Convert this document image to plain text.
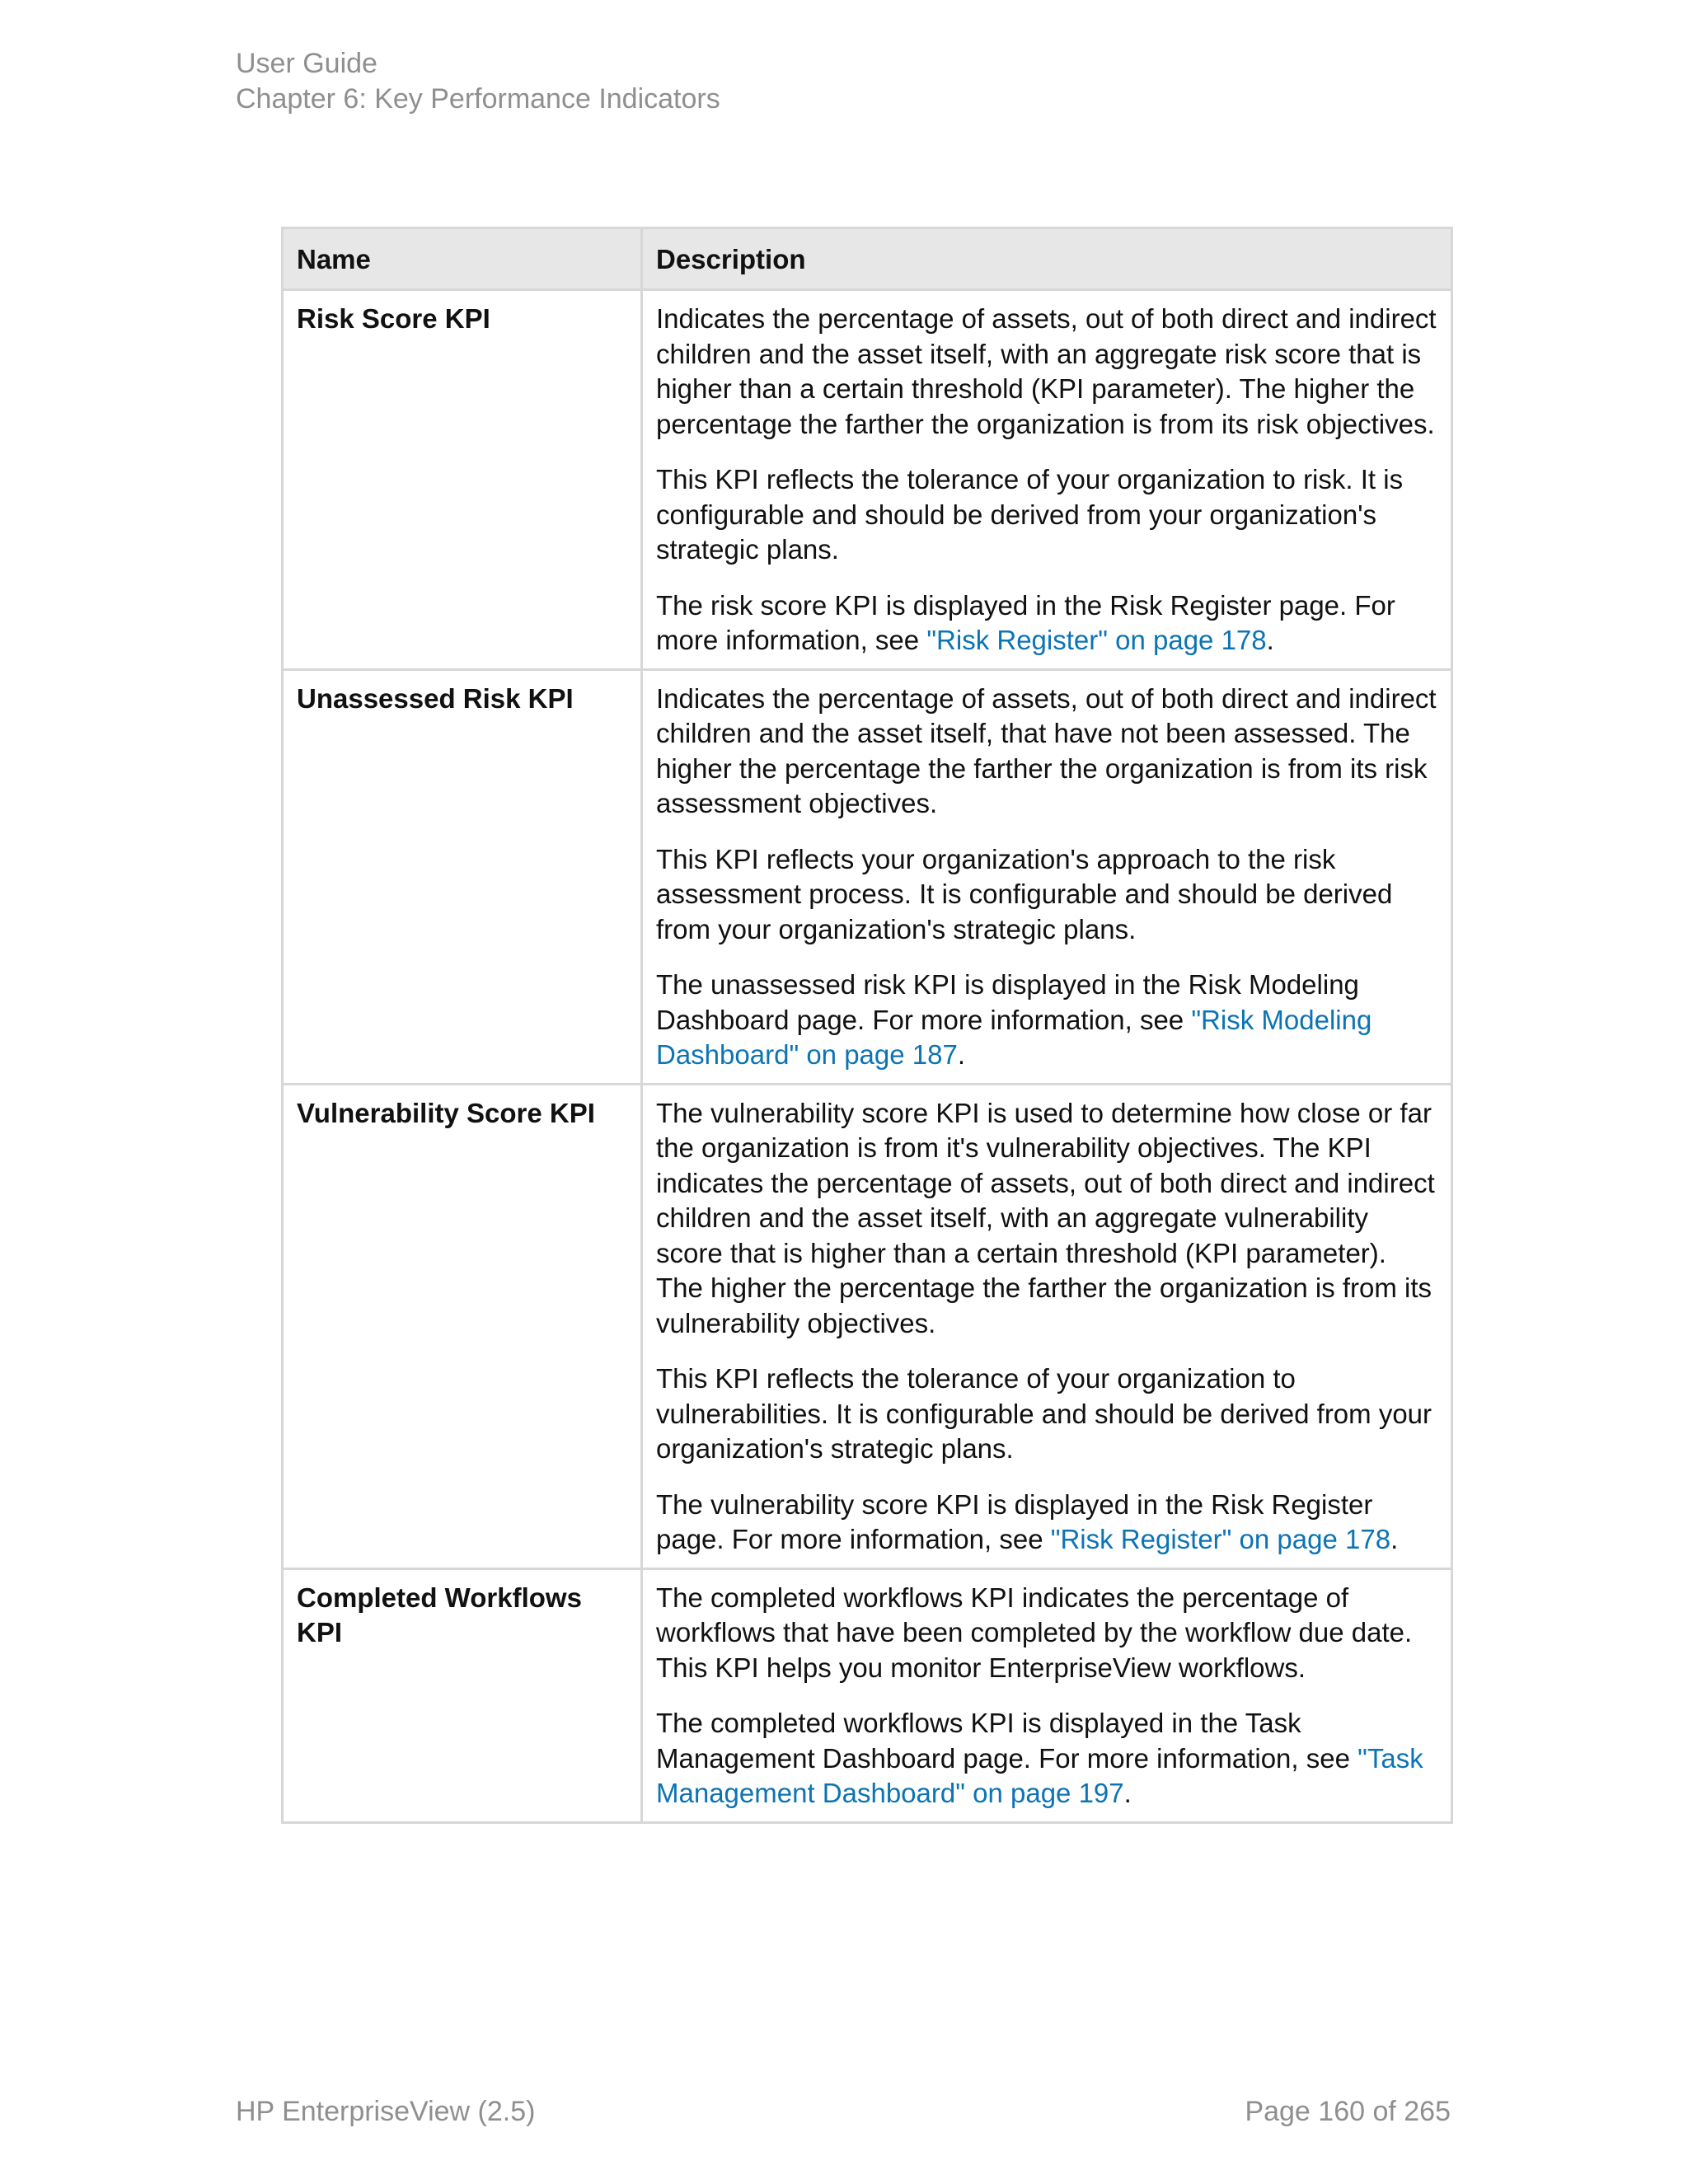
User Guide
Chapter 6: Key Performance Indicators
Name	Description
Risk Score KPI	Indicates the percentage of assets, out of both direct and indirect children and the asset itself, with an aggregate risk score that is higher than a certain threshold (KPI parameter). The higher the percentage the farther the organization is from its risk objectives.

This KPI reflects the tolerance of your organization to risk. It is configurable and should be derived from your organization's strategic plans.

The risk score KPI is displayed in the Risk Register page. For more information, see "Risk Register" on page 178.

Unassessed Risk KPI	Indicates the percentage of assets, out of both direct and indirect children and the asset itself, that have not been assessed. The higher the percentage the farther the organization is from its risk assessment objectives.

This KPI reflects your organization's approach to the risk assessment process. It is configurable and should be derived from your organization's strategic plans.

The unassessed risk KPI is displayed in the Risk Modeling Dashboard page. For more information, see "Risk Modeling Dashboard" on page 187.

Vulnerability Score KPI	The vulnerability score KPI is used to determine how close or far the organization is from it's vulnerability objectives. The KPI indicates the percentage of assets, out of both direct and indirect children and the asset itself, with an aggregate vulnerability score that is higher than a certain threshold (KPI parameter). The higher the percentage the farther the organization is from its vulnerability objectives.

This KPI reflects the tolerance of your organization to vulnerabilities. It is configurable and should be derived from your organization's strategic plans.

The vulnerability score KPI is displayed in the Risk Register page. For more information, see "Risk Register" on page 178.

Completed Workflows KPI	The completed workflows KPI indicates the percentage of workflows that have been completed by the workflow due date. This KPI helps you monitor EnterpriseView workflows.

The completed workflows KPI is displayed in the Task Management Dashboard page. For more information, see "Task Management Dashboard" on page 197.

HP EnterpriseView (2.5)	Page 160 of 265
